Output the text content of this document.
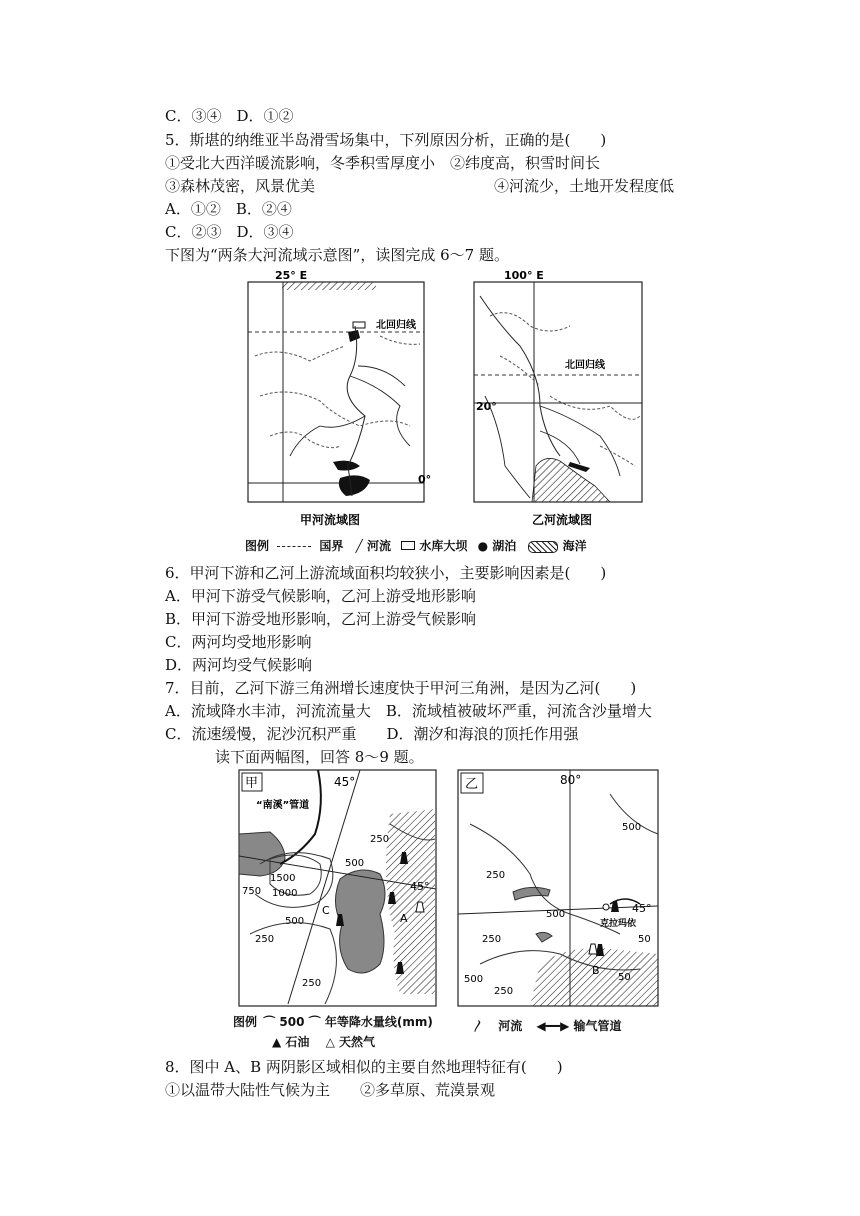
C．③④　D．①②
5．斯堪的纳维亚半岛滑雪场集中，下列原因分析，正确的是(　　)
①受北大西洋暖流影响，冬季积雪厚度小　②纬度高，积雪时间长
③森林茂密，风景优美	④河流少，土地开发程度低
A．①②　B．②④
C．②③　D．③④
下图为“两条大河流域示意图”，读图完成 6～7 题。
25° E
0°
北回归线
甲河流域图
100° E
北回归线
20°
乙河流域图
图例	国界 ╱ 河流 水库大坝 ● 湖泊	海洋
6．甲河下游和乙河上游流域面积均较狭小，主要影响因素是(　　)
A．甲河下游受气候影响，乙河上游受地形影响
B．甲河下游受地形影响，乙河上游受气候影响
C．两河均受地形影响
D．两河均受气候影响
7．目前，乙河下游三角洲增长速度快于甲河三角洲，是因为乙河(　　)
A．流域降水丰沛，河流流量大　B．流域植被破坏严重，河流含沙量增大
C．流速缓慢，泥沙沉积严重　　D．潮汐和海浪的顶托作用强
读下面两幅图，回答 8～9 题。
甲	45°
45°
“南溪”管道
1500
1000
750
500
250
500
250
250
C
A
乙	80°
45°
500
250
500
250
500
250
50
50
B
克拉玛依
图例 ⌒ 500 ⌒ 年等降水量线(mm)	〳 河流 ◀━━▶ 输气管道
▲ 石油 △ 天然气
8．图中 A、B 两阴影区域相似的主要自然地理特征有(　　)
①以温带大陆性气候为主　　②多草原、荒漠景观
